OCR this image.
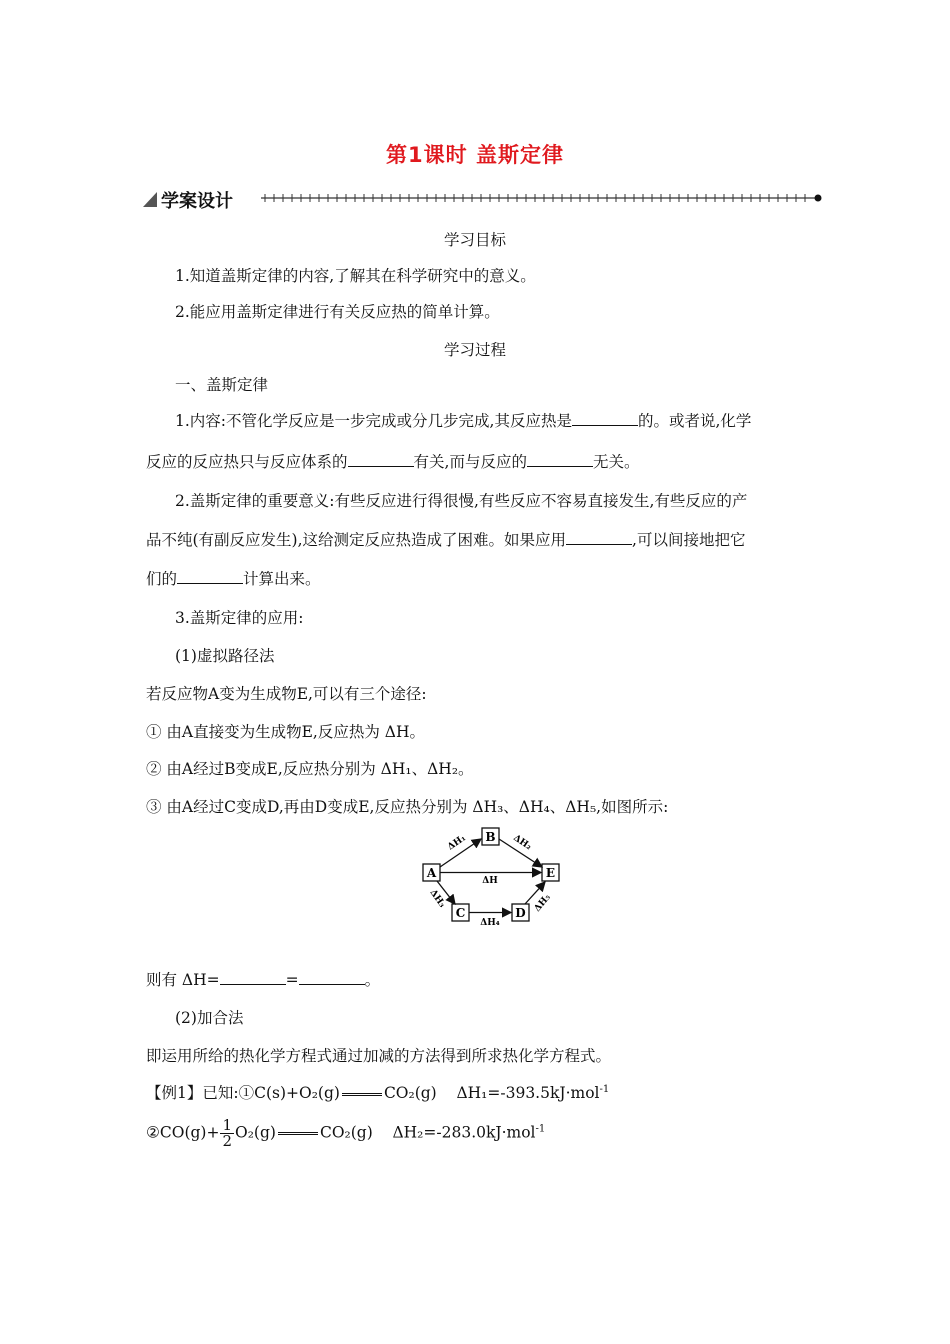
第1课时 盖斯定律
学案设计
学习目标
1.知道盖斯定律的内容,了解其在科学研究中的意义。
2.能应用盖斯定律进行有关反应热的简单计算。
学习过程
一、盖斯定律
1.内容:不管化学反应是一步完成或分几步完成,其反应热是	的。或者说,化学
反应的反应热只与反应体系的	有关,而与反应的	无关。
2.盖斯定律的重要意义:有些反应进行得很慢,有些反应不容易直接发生,有些反应的产
品不纯(有副反应发生),这给测定反应热造成了困难。如果应用	,可以间接地把它
们的	计算出来。
3.盖斯定律的应用:
(1)虚拟路径法
若反应物A变为生成物E,可以有三个途径:
① 由A直接变为生成物E,反应热为 ΔH。
② 由A经过B变成E,反应热分别为 ΔH₁、ΔH₂。
③ 由A经过C变成D,再由D变成E,反应热分别为 ΔH₃、ΔH₄、ΔH₅,如图所示:
A
B
E
C	D
ΔH₁	ΔH₂
ΔH
ΔH₃
ΔH₄
ΔH₅
则有 ΔH=	=	。
(2)加合法
即运用所给的热化学方程式通过加减的方法得到所求热化学方程式。
【例1】已知:①C(s)+O₂(g)	CO₂(g) ΔH₁=-393.5kJ·mol$^{-1}$
②CO(g)+ $\frac{1}{2} O_2(g)$	CO₂(g) ΔH₂=-283.0kJ·mol$^{-1}$
